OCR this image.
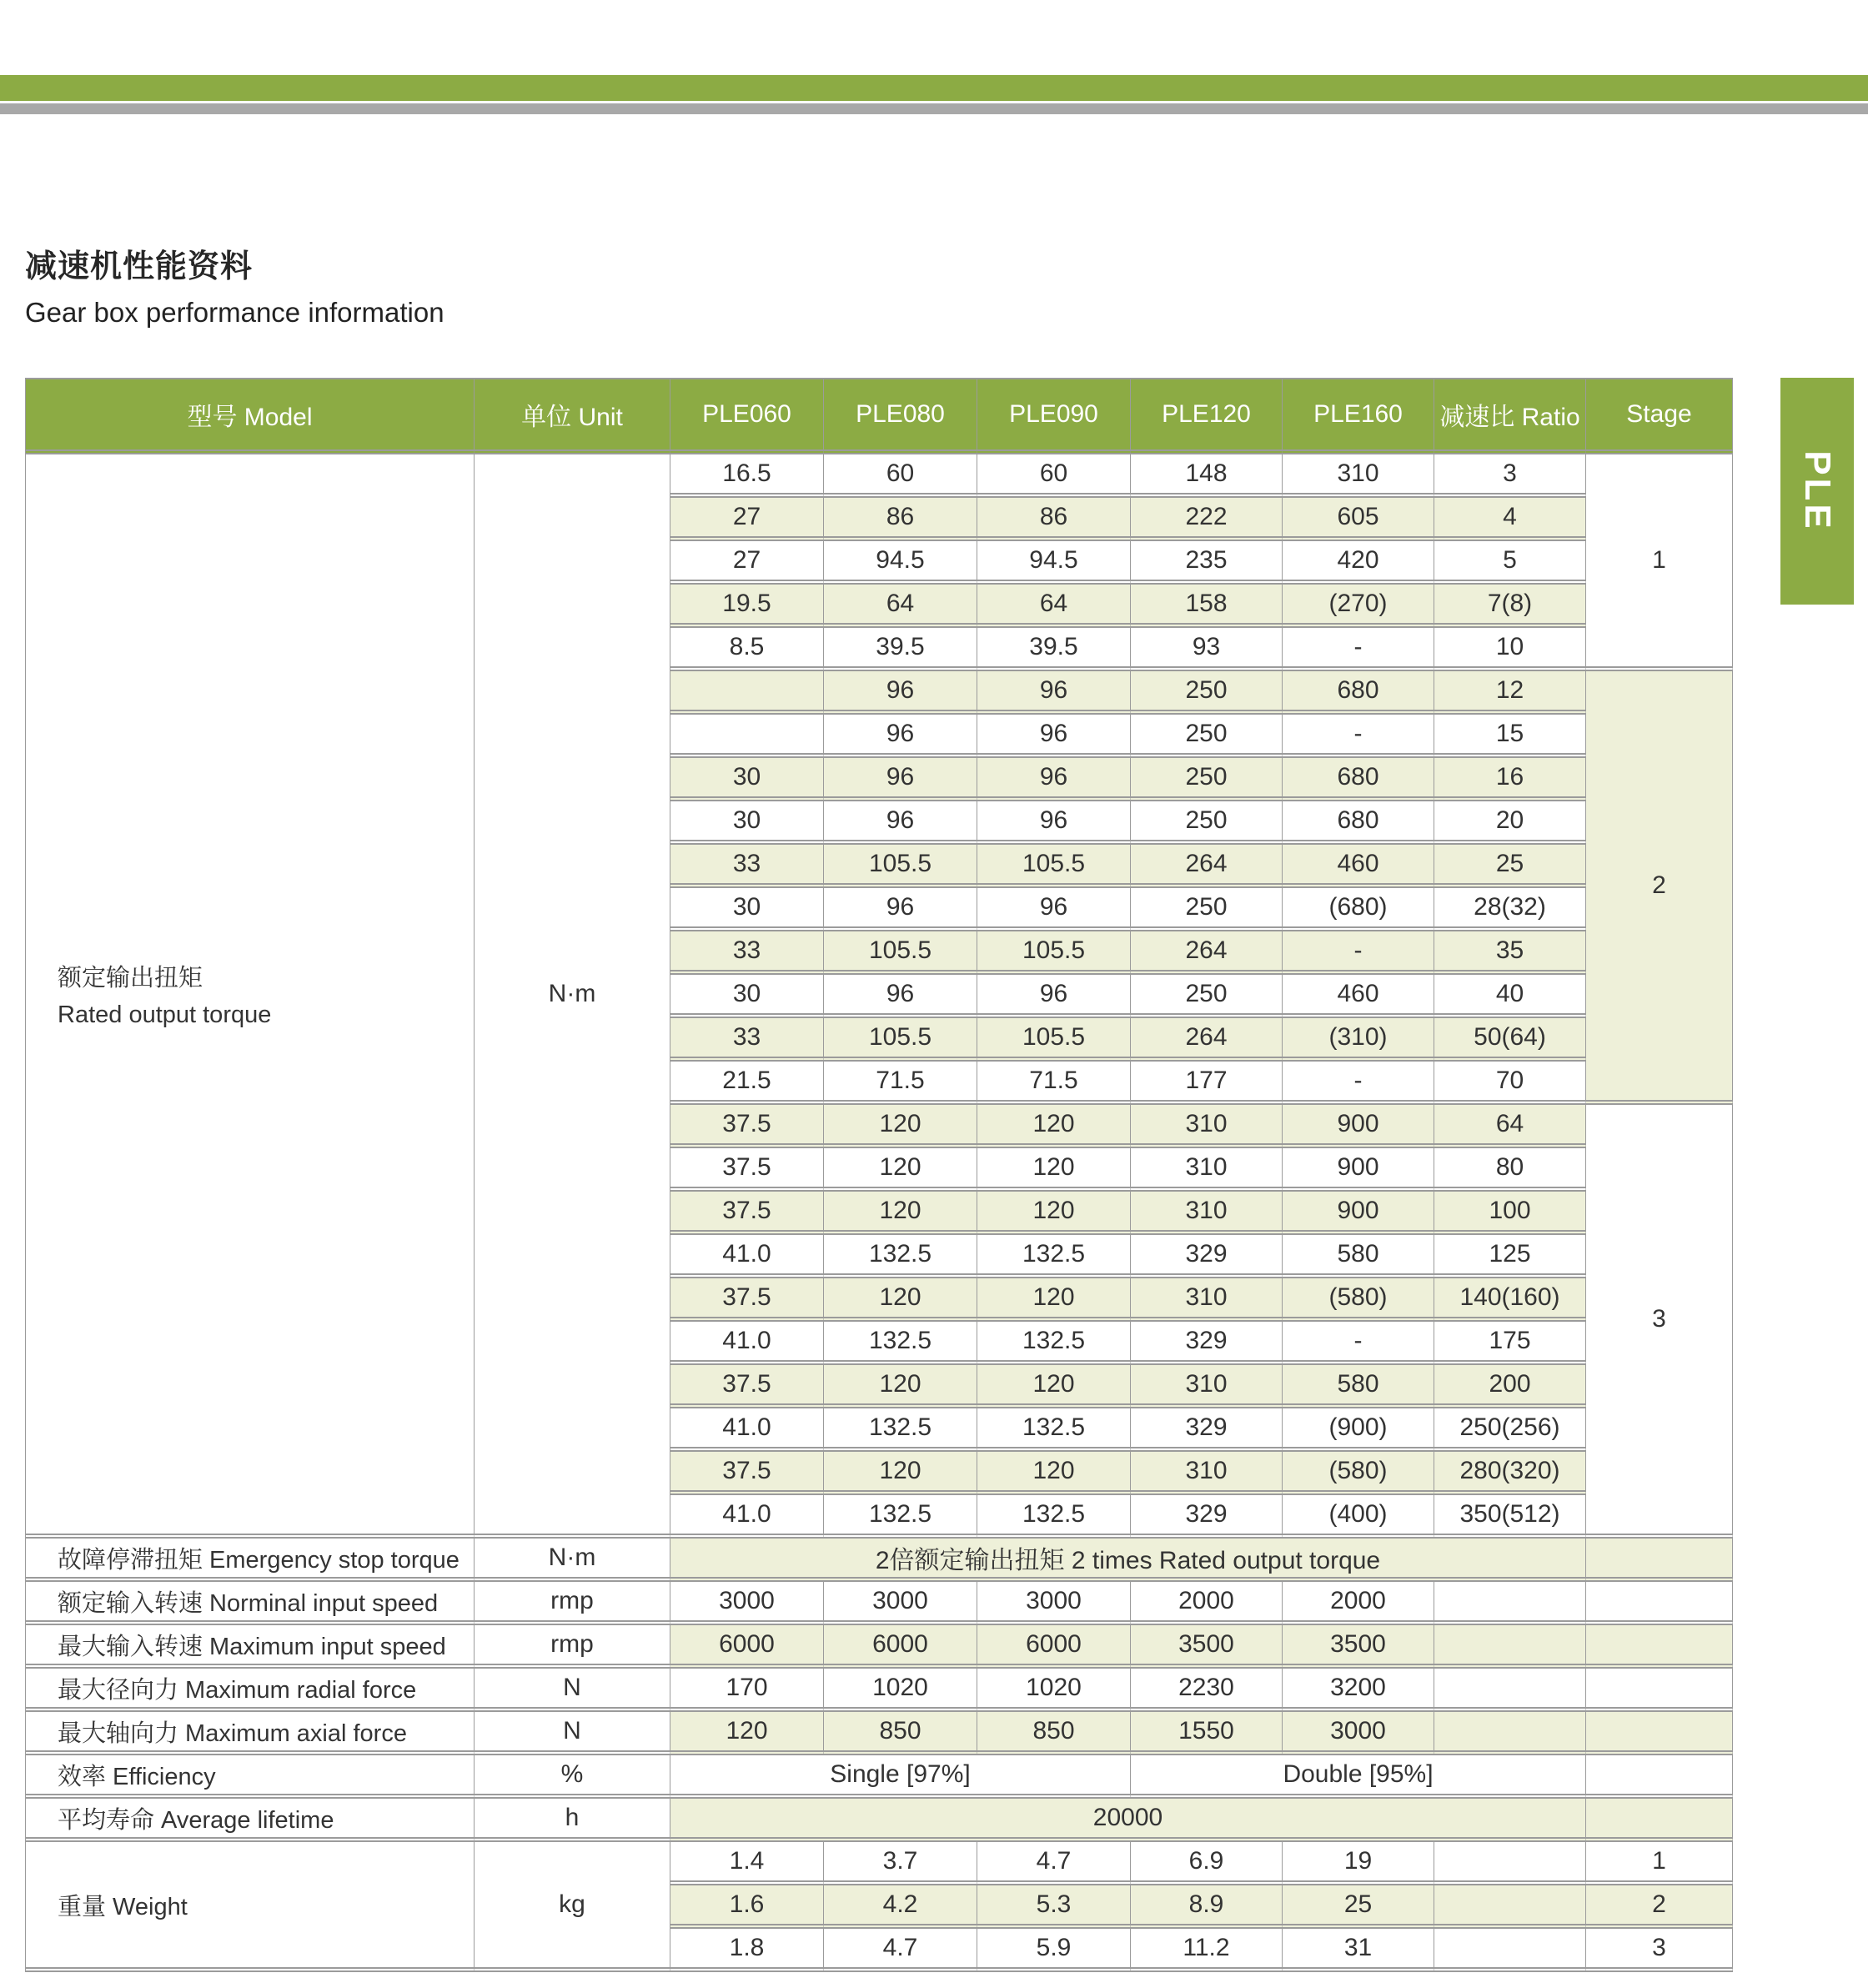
减速机性能资料
Gear box performance information
PLE
型号 Model	单位 Unit	PLE060	PLE080	PLE090	PLE120	PLE160	减速比 Ratio	Stage

额定输出扭矩
Rated output torque	N·m	16.5	60	60	148	310	3	1
		27	86	86	222	605	4	
		27	94.5	94.5	235	420	5	
		19.5	64	64	158	(270)	7(8)	
		8.5	39.5	39.5	93	-	10	
			96	96	250	680	12	2
			96	96	250	-	15	
		30	96	96	250	680	16	
		30	96	96	250	680	20	
		33	105.5	105.5	264	460	25	
		30	96	96	250	(680)	28(32)	
		33	105.5	105.5	264	-	35	
		30	96	96	250	460	40	
		33	105.5	105.5	264	(310)	50(64)	
		21.5	71.5	71.5	177	-	70	
		37.5	120	120	310	900	64	3
		37.5	120	120	310	900	80	
		37.5	120	120	310	900	100	
		41.0	132.5	132.5	329	580	125	
		37.5	120	120	310	(580)	140(160)	
		41.0	132.5	132.5	329	-	175	
		37.5	120	120	310	580	200	
		41.0	132.5	132.5	329	(900)	250(256)	
		37.5	120	120	310	(580)	280(320)	
		41.0	132.5	132.5	329	(400)	350(512)	
故障停滞扭矩 Emergency stop torque	N·m	2倍额定输出扭矩 2 times Rated output torque						
额定输入转速 Norminal input speed	rmp	3000	3000	3000	2000	2000		
最大输入转速 Maximum input speed	rmp	6000	6000	6000	3500	3500		
最大径向力 Maximum radial force	N	170	1020	1020	2230	3200		
最大轴向力 Maximum axial force	N	120	850	850	1550	3000		
效率 Efficiency	%	Single [97%]			Double [95%]			
平均寿命 Average lifetime	h	20000						
重量 Weight	kg	1.4	3.7	4.7	6.9	19		1
		1.6	4.2	5.3	8.9	25		2
		1.8	4.7	5.9	11.2	31		3
